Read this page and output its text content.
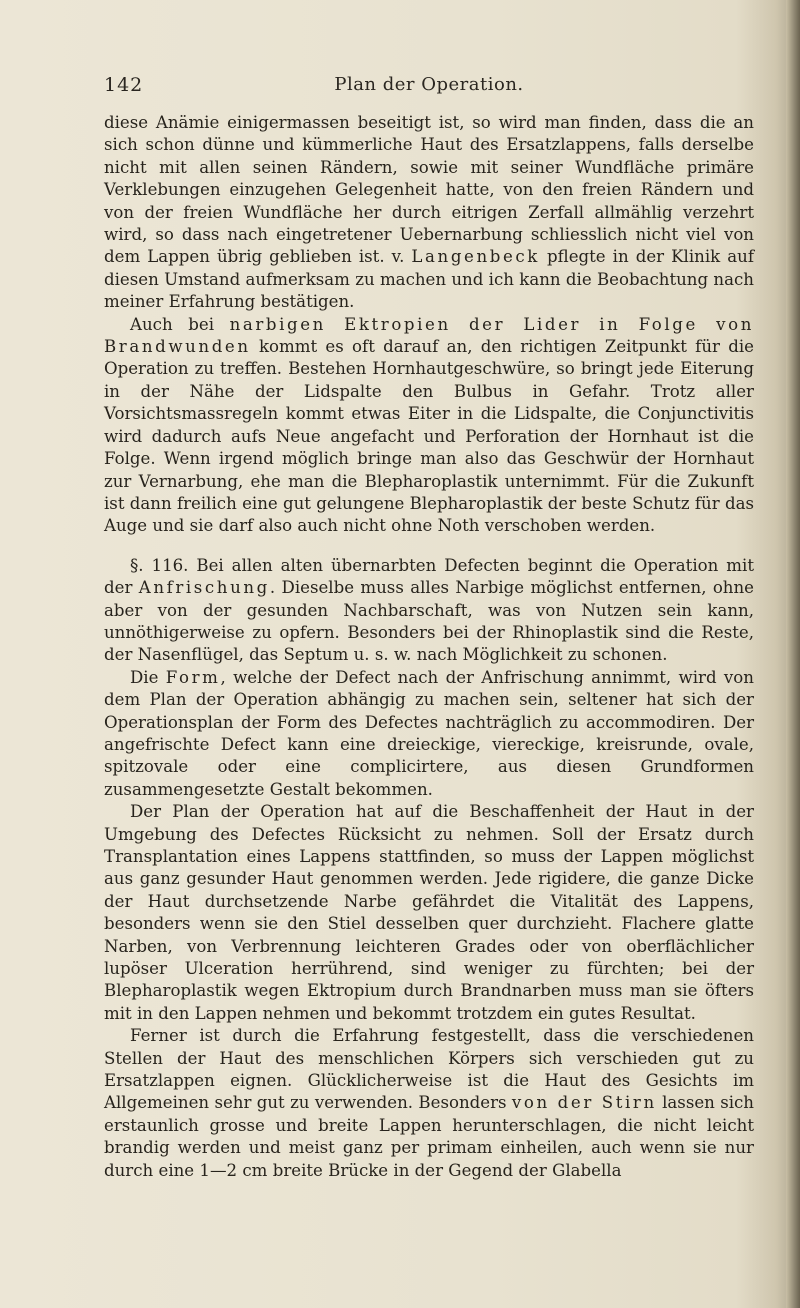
142	Plan der Operation.

diese Anämie einigermassen beseitigt ist, so wird man finden, dass die an sich schon dünne und kümmerliche Haut des Ersatzlappens, falls derselbe nicht mit allen seinen Rändern, sowie mit seiner Wundfläche primäre Verklebungen einzugehen Gelegenheit hatte, von den freien Rändern und von der freien Wundfläche her durch eitrigen Zerfall allmählig verzehrt wird, so dass nach eingetretener Uebernarbung schliesslich nicht viel von dem Lappen übrig geblieben ist. v. Langenbeck pflegte in der Klinik auf diesen Umstand aufmerksam zu machen und ich kann die Beobachtung nach meiner Erfahrung bestätigen.

Auch bei narbigen Ektropien der Lider in Folge von Brandwunden kommt es oft darauf an, den richtigen Zeitpunkt für die Operation zu treffen. Bestehen Hornhautgeschwüre, so bringt jede Eiterung in der Nähe der Lidspalte den Bulbus in Gefahr. Trotz aller Vorsichtsmassregeln kommt etwas Eiter in die Lidspalte, die Conjunctivitis wird dadurch aufs Neue angefacht und Perforation der Hornhaut ist die Folge. Wenn irgend möglich bringe man also das Geschwür der Hornhaut zur Vernarbung, ehe man die Blepharoplastik unternimmt. Für die Zukunft ist dann freilich eine gut gelungene Blepharoplastik der beste Schutz für das Auge und sie darf also auch nicht ohne Noth verschoben werden.

§. 116. Bei allen alten übernarbten Defecten beginnt die Operation mit der Anfrischung. Dieselbe muss alles Narbige möglichst entfernen, ohne aber von der gesunden Nachbarschaft, was von Nutzen sein kann, unnöthigerweise zu opfern. Besonders bei der Rhinoplastik sind die Reste, der Nasenflügel, das Septum u. s. w. nach Möglichkeit zu schonen.

Die Form, welche der Defect nach der Anfrischung annimmt, wird von dem Plan der Operation abhängig zu machen sein, seltener hat sich der Operationsplan der Form des Defectes nachträglich zu accommodiren. Der angefrischte Defect kann eine dreieckige, viereckige, kreisrunde, ovale, spitzovale oder eine complicirtere, aus diesen Grundformen zusammengesetzte Gestalt bekommen.

Der Plan der Operation hat auf die Beschaffenheit der Haut in der Umgebung des Defectes Rücksicht zu nehmen. Soll der Ersatz durch Transplantation eines Lappens stattfinden, so muss der Lappen möglichst aus ganz gesunder Haut genommen werden. Jede rigidere, die ganze Dicke der Haut durchsetzende Narbe gefährdet die Vitalität des Lappens, besonders wenn sie den Stiel desselben quer durchzieht. Flachere glatte Narben, von Verbrennung leichteren Grades oder von oberflächlicher lupöser Ulceration herrührend, sind weniger zu fürchten; bei der Blepharoplastik wegen Ektropium durch Brandnarben muss man sie öfters mit in den Lappen nehmen und bekommt trotzdem ein gutes Resultat.

Ferner ist durch die Erfahrung festgestellt, dass die verschiedenen Stellen der Haut des menschlichen Körpers sich verschieden gut zu Ersatzlappen eignen. Glücklicherweise ist die Haut des Gesichts im Allgemeinen sehr gut zu verwenden. Besonders von der Stirn lassen sich erstaunlich grosse und breite Lappen herunterschlagen, die nicht leicht brandig werden und meist ganz per primam einheilen, auch wenn sie nur durch eine 1—2 cm breite Brücke in der Gegend der Glabella
